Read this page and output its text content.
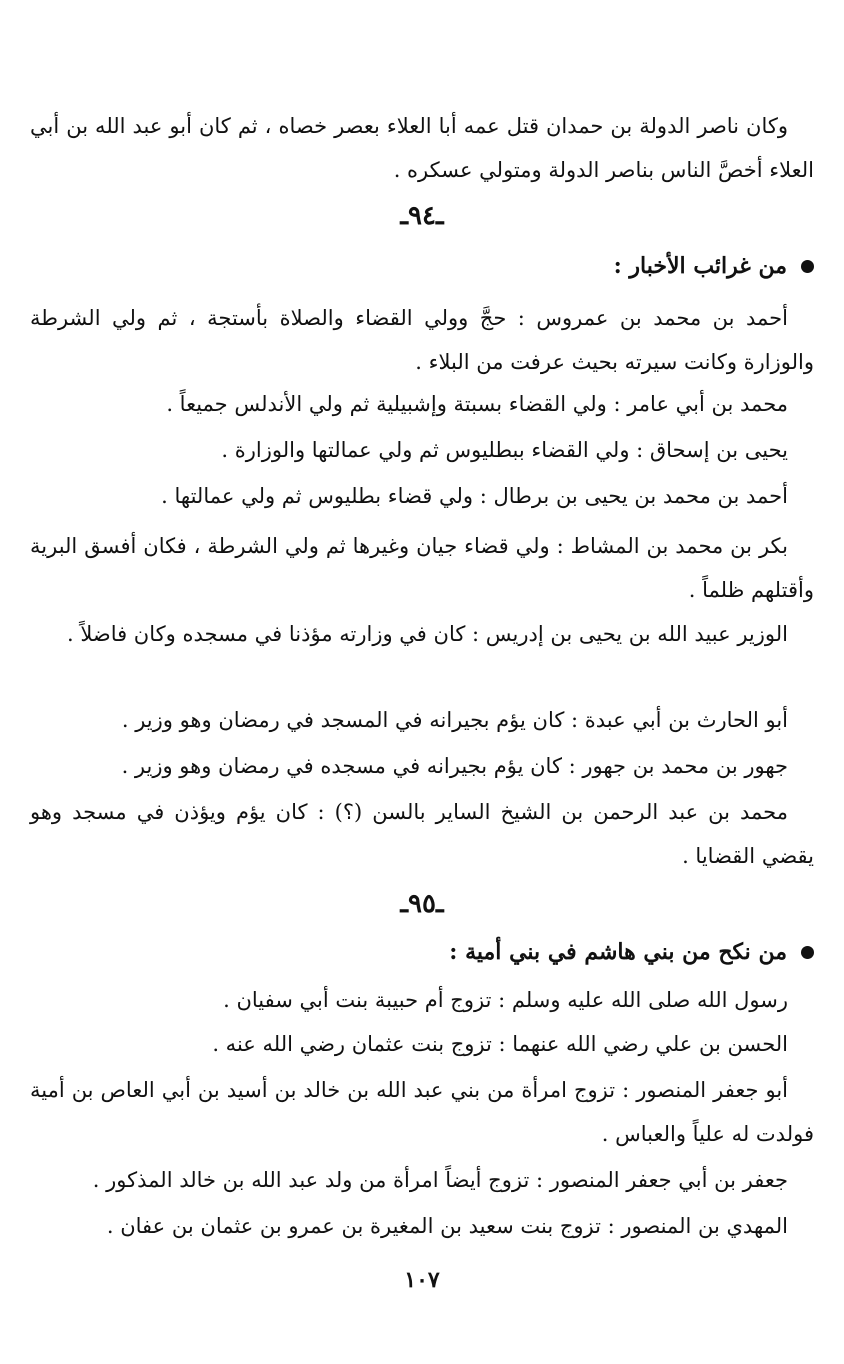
وكان ناصر الدولة بن حمدان قتل عمه أبا العلاء بعصر خصاه ، ثم كان أبو عبد الله بن أبي العلاء أخصَّ الناس بناصر الدولة ومتولي عسكره .

ـ٩٤ـ

من غرائب الأخبار :

أحمد بن محمد بن عمروس : حجَّ وولي القضاء والصلاة بأستجة ، ثم ولي الشرطة والوزارة وكانت سيرته بحيث عرفت من البلاء .

محمد بن أبي عامر : ولي القضاء بسبتة وإشبيلية ثم ولي الأندلس جميعاً .

يحيى بن إسحاق : ولي القضاء ببطليوس ثم ولي عمالتها والوزارة .

أحمد بن محمد بن يحيى بن برطال : ولي قضاء بطليوس ثم ولي عمالتها .

بكر بن محمد بن المشاط : ولي قضاء جيان وغيرها ثم ولي الشرطة ، فكان أفسق البرية وأقتلهم ظلماً .

الوزير عبيد الله بن يحيى بن إدريس : كان في وزارته مؤذنا في مسجده وكان فاضلاً .

أبو الحارث بن أبي عبدة : كان يؤم بجيرانه في المسجد في رمضان وهو وزير .

جهور بن محمد بن جهور : كان يؤم بجيرانه في مسجده في رمضان وهو وزير .

محمد بن عبد الرحمن بن الشيخ الساير بالسن (؟) : كان يؤم ويؤذن في مسجد وهو يقضي القضايا .

ـ٩٥ـ

من نكح من بني هاشم في بني أمية :

رسول الله صلى الله عليه وسلم : تزوج أم حبيبة بنت أبي سفيان .

الحسن بن علي رضي الله عنهما : تزوج بنت عثمان رضي الله عنه .

أبو جعفر المنصور : تزوج امرأة من بني عبد الله بن خالد بن أسيد بن أبي العاص بن أمية فولدت له علياً والعباس .

جعفر بن أبي جعفر المنصور : تزوج أيضاً امرأة من ولد عبد الله بن خالد المذكور .

المهدي بن المنصور : تزوج بنت سعيد بن المغيرة بن عمرو بن عثمان بن عفان .

١٠٧
